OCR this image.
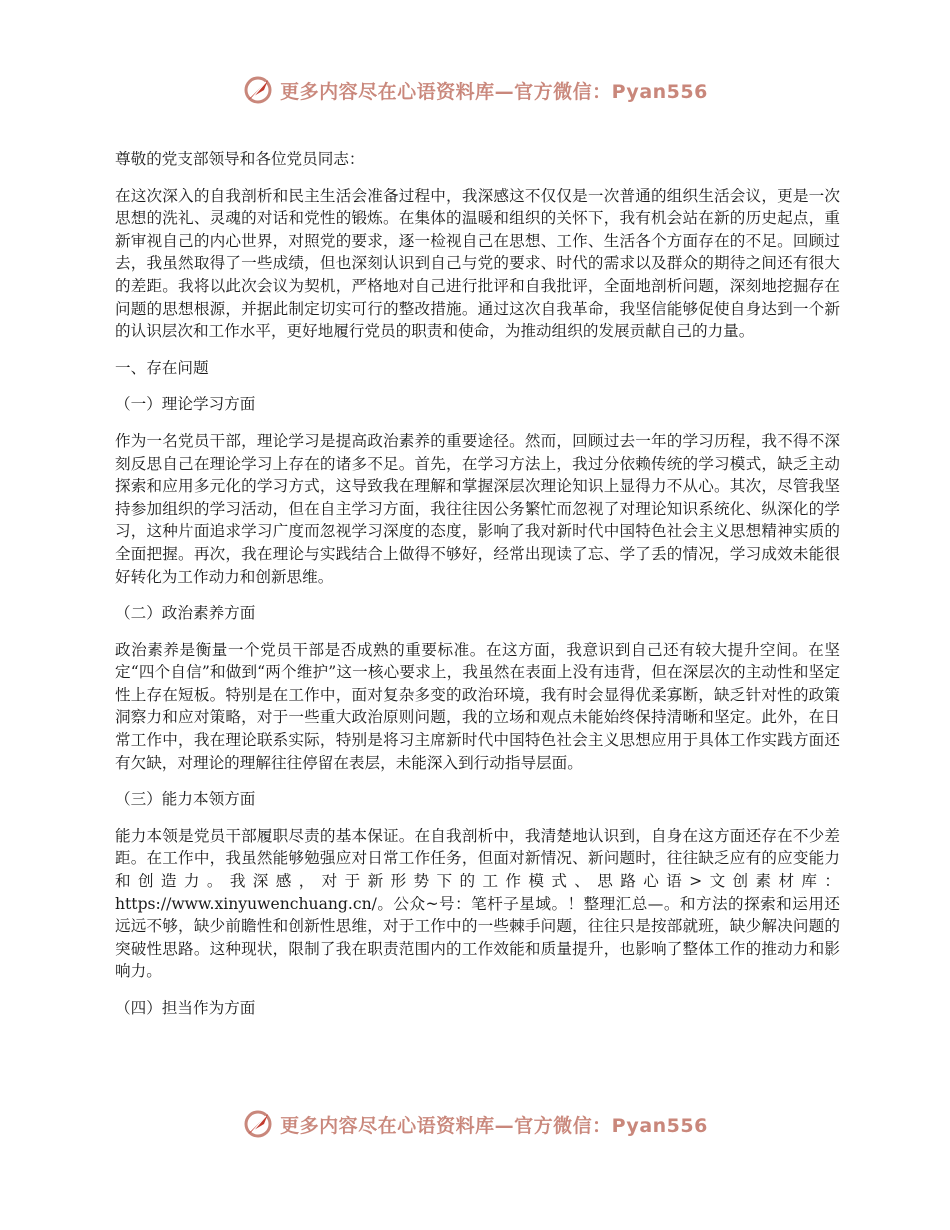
更多内容尽在心语资料库—官方微信：Pyan556

尊敬的党支部领导和各位党员同志：

在这次深入的自我剖析和民主生活会准备过程中，我深感这不仅仅是一次普通的组织生活会议，更是一次思想的洗礼、灵魂的对话和党性的锻炼。在集体的温暖和组织的关怀下，我有机会站在新的历史起点，重新审视自己的内心世界，对照党的要求，逐一检视自己在思想、工作、生活各个方面存在的不足。回顾过去，我虽然取得了一些成绩，但也深刻认识到自己与党的要求、时代的需求以及群众的期待之间还有很大的差距。我将以此次会议为契机，严格地对自己进行批评和自我批评，全面地剖析问题，深刻地挖掘存在问题的思想根源，并据此制定切实可行的整改措施。通过这次自我革命，我坚信能够促使自身达到一个新的认识层次和工作水平，更好地履行党员的职责和使命，为推动组织的发展贡献自己的力量。

一、存在问题

（一）理论学习方面

作为一名党员干部，理论学习是提高政治素养的重要途径。然而，回顾过去一年的学习历程，我不得不深刻反思自己在理论学习上存在的诸多不足。首先，在学习方法上，我过分依赖传统的学习模式，缺乏主动探索和应用多元化的学习方式，这导致我在理解和掌握深层次理论知识上显得力不从心。其次，尽管我坚持参加组织的学习活动，但在自主学习方面，我往往因公务繁忙而忽视了对理论知识系统化、纵深化的学习，这种片面追求学习广度而忽视学习深度的态度，影响了我对新时代中国特色社会主义思想精神实质的全面把握。再次，我在理论与实践结合上做得不够好，经常出现读了忘、学了丢的情况，学习成效未能很好转化为工作动力和创新思维。

（二）政治素养方面

政治素养是衡量一个党员干部是否成熟的重要标准。在这方面，我意识到自己还有较大提升空间。在坚定“四个自信”和做到“两个维护”这一核心要求上，我虽然在表面上没有违背，但在深层次的主动性和坚定性上存在短板。特别是在工作中，面对复杂多变的政治环境，我有时会显得优柔寡断，缺乏针对性的政策洞察力和应对策略，对于一些重大政治原则问题，我的立场和观点未能始终保持清晰和坚定。此外，在日常工作中，我在理论联系实际，特别是将习主席新时代中国特色社会主义思想应用于具体工作实践方面还有欠缺，对理论的理解往往停留在表层，未能深入到行动指导层面。

（三）能力本领方面

能力本领是党员干部履职尽责的基本保证。在自我剖析中，我清楚地认识到，自身在这方面还存在不少差距。在工作中，我虽然能够勉强应对日常工作任务，但面对新情况、新问题时，往往缺乏应有的应变能力和创造力。我深感，对于新形势下的工作模式、思路心语>文创素材库：https://www.xinyuwenchuang.cn/。公众~号：笔杆子星域。！整理汇总—。和方法的探索和运用还远远不够，缺少前瞻性和创新性思维，对于工作中的一些棘手问题，往往只是按部就班，缺少解决问题的突破性思路。这种现状，限制了我在职责范围内的工作效能和质量提升，也影响了整体工作的推动力和影响力。

（四）担当作为方面

更多内容尽在心语资料库—官方微信：Pyan556
